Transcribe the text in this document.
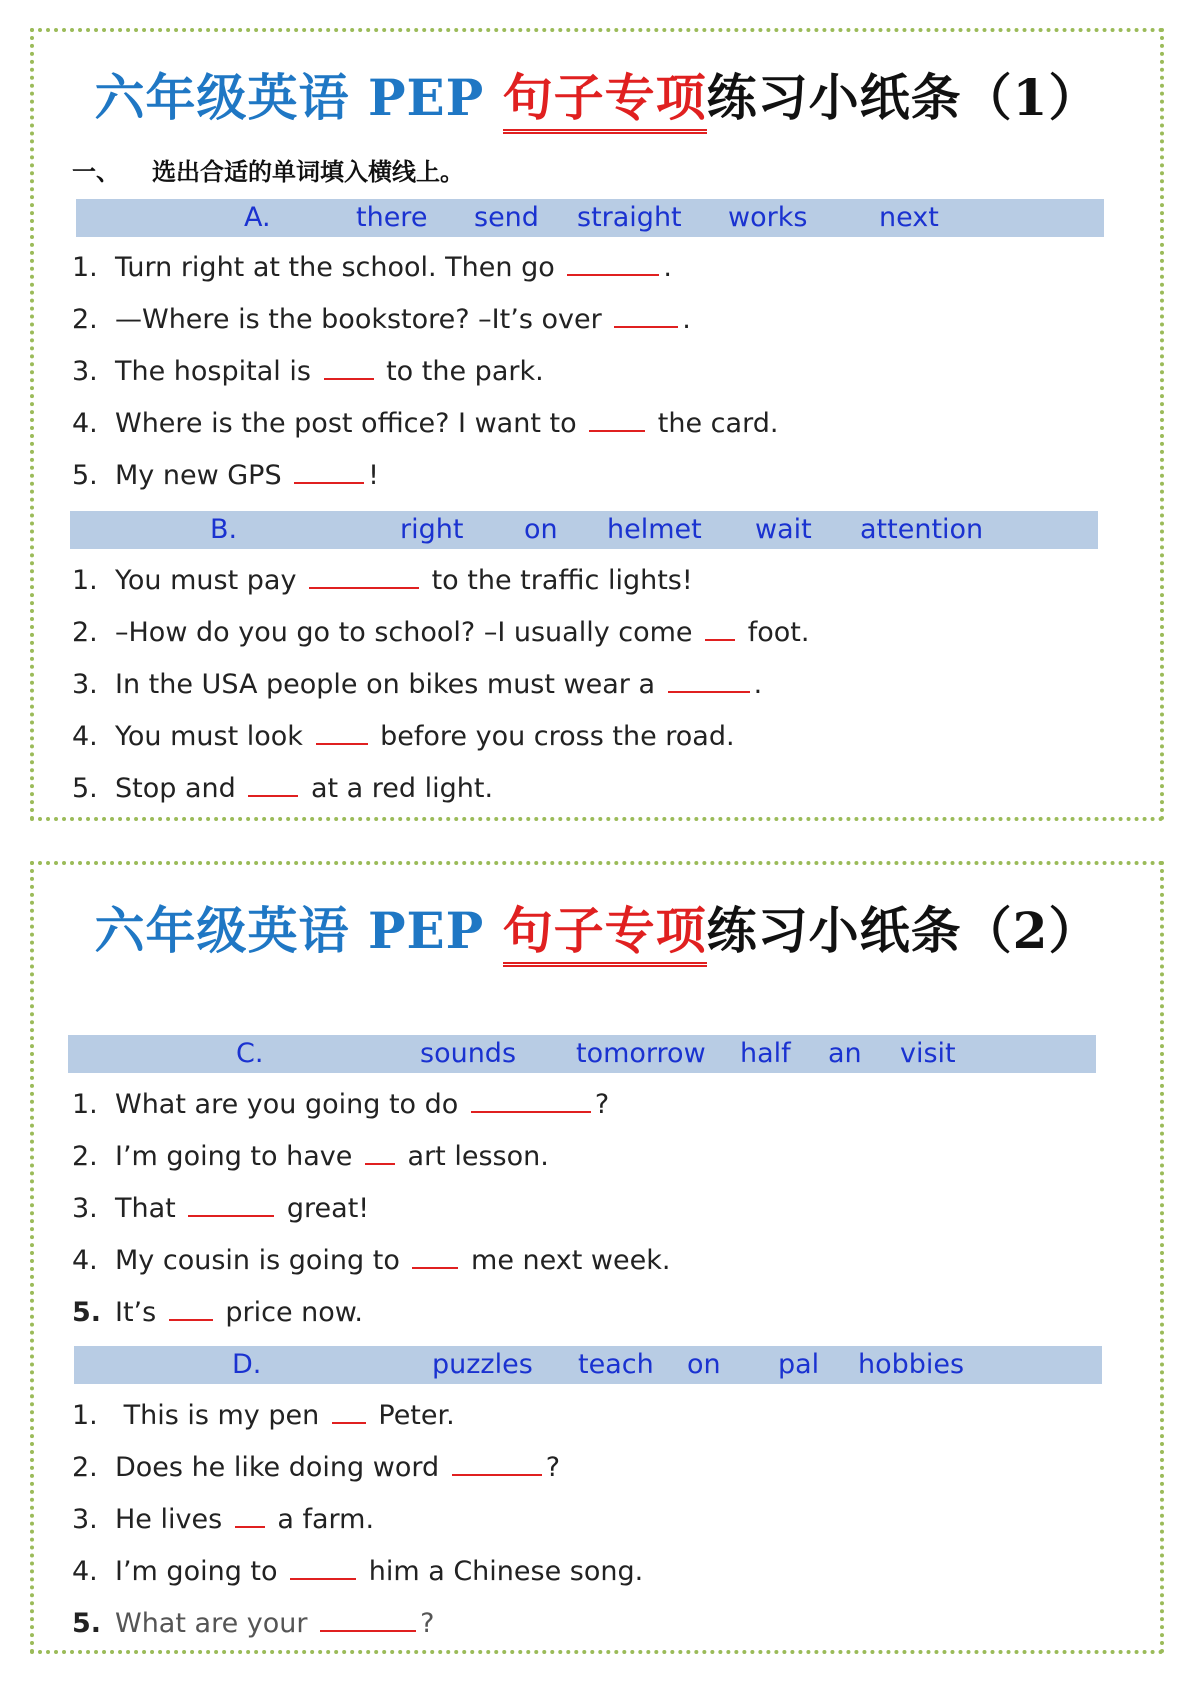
六年级英语 PEP 句子专项练习小纸条（1）
一、 选出合适的单词填入横线上。
A.	there send straight works	next
1. Turn right at the school. Then go	.
2. —Where is the bookstore? –It’s over	.
3. The hospital is  to the park.
4. Where is the post office? I want to  the card.
5. My new GPS	!
B.	right on helmet wait attention
1. You must pay	to the traffic lights!
2. –How do you go to school? –I usually come  foot.
3. In the USA people on bikes must wear a	.
4. You must look  before you cross the road.
5. Stop and  at a red light.
六年级英语 PEP 句子专项练习小纸条（2）
C.	sounds tomorrow half an visit
1. What are you going to do	?
2. I’m going to have  art lesson.
3. That	great!
4. My cousin is going to  me next week.
5. It’s  price now.
D.	puzzles teach on pal hobbies
1. This is my pen  Peter.
2. Does he like doing word	?
3. He lives  a farm.
4. I’m going to	him a Chinese song.
5. What are your	?
